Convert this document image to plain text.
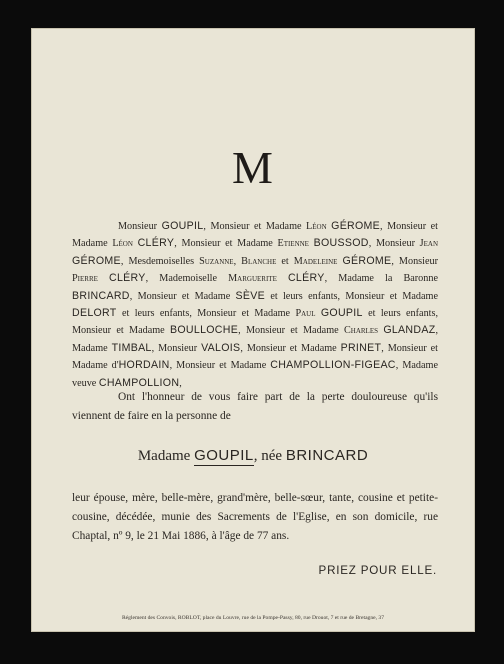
M
Monsieur GOUPIL, Monsieur et Madame Léon GÉROME, Monsieur et Madame Léon CLÉRY, Monsieur et Madame Etienne BOUSSOD, Monsieur Jean GÉROME, Mesdemoiselles Suzanne, Blanche et Madeleine GÉROME, Monsieur Pierre CLÉRY, Mademoiselle Marguerite CLÉRY, Madame la Baronne BRINCARD, Monsieur et Madame SÈVE et leurs enfants, Monsieur et Madame DELORT et leurs enfants, Monsieur et Madame Paul GOUPIL et leurs enfants, Monsieur et Madame BOULLOCHE, Monsieur et Madame Charles GLANDAZ, Madame TIMBAL, Monsieur VALOIS, Monsieur et Madame PRINET, Monsieur et Madame d'HORDAIN, Monsieur et Madame CHAMPOLLION-FIGEAC, Madame veuve CHAMPOLLION,
Ont l'honneur de vous faire part de la perte douloureuse qu'ils viennent de faire en la personne de
Madame GOUPIL, née BRINCARD
leur épouse, mère, belle-mère, grand'mère, belle-sœur, tante, cousine et petite-cousine, décédée, munie des Sacrements de l'Eglise, en son domicile, rue Chaptal, nº 9, le 21 Mai 1886, à l'âge de 77 ans.
PRIEZ POUR ELLE.
Réglement des Convois, ROBLOT, place du Louvre, rue de la Pompe-Passy, 80, rue Drouot, 7 et rue de Bretagne, 37
